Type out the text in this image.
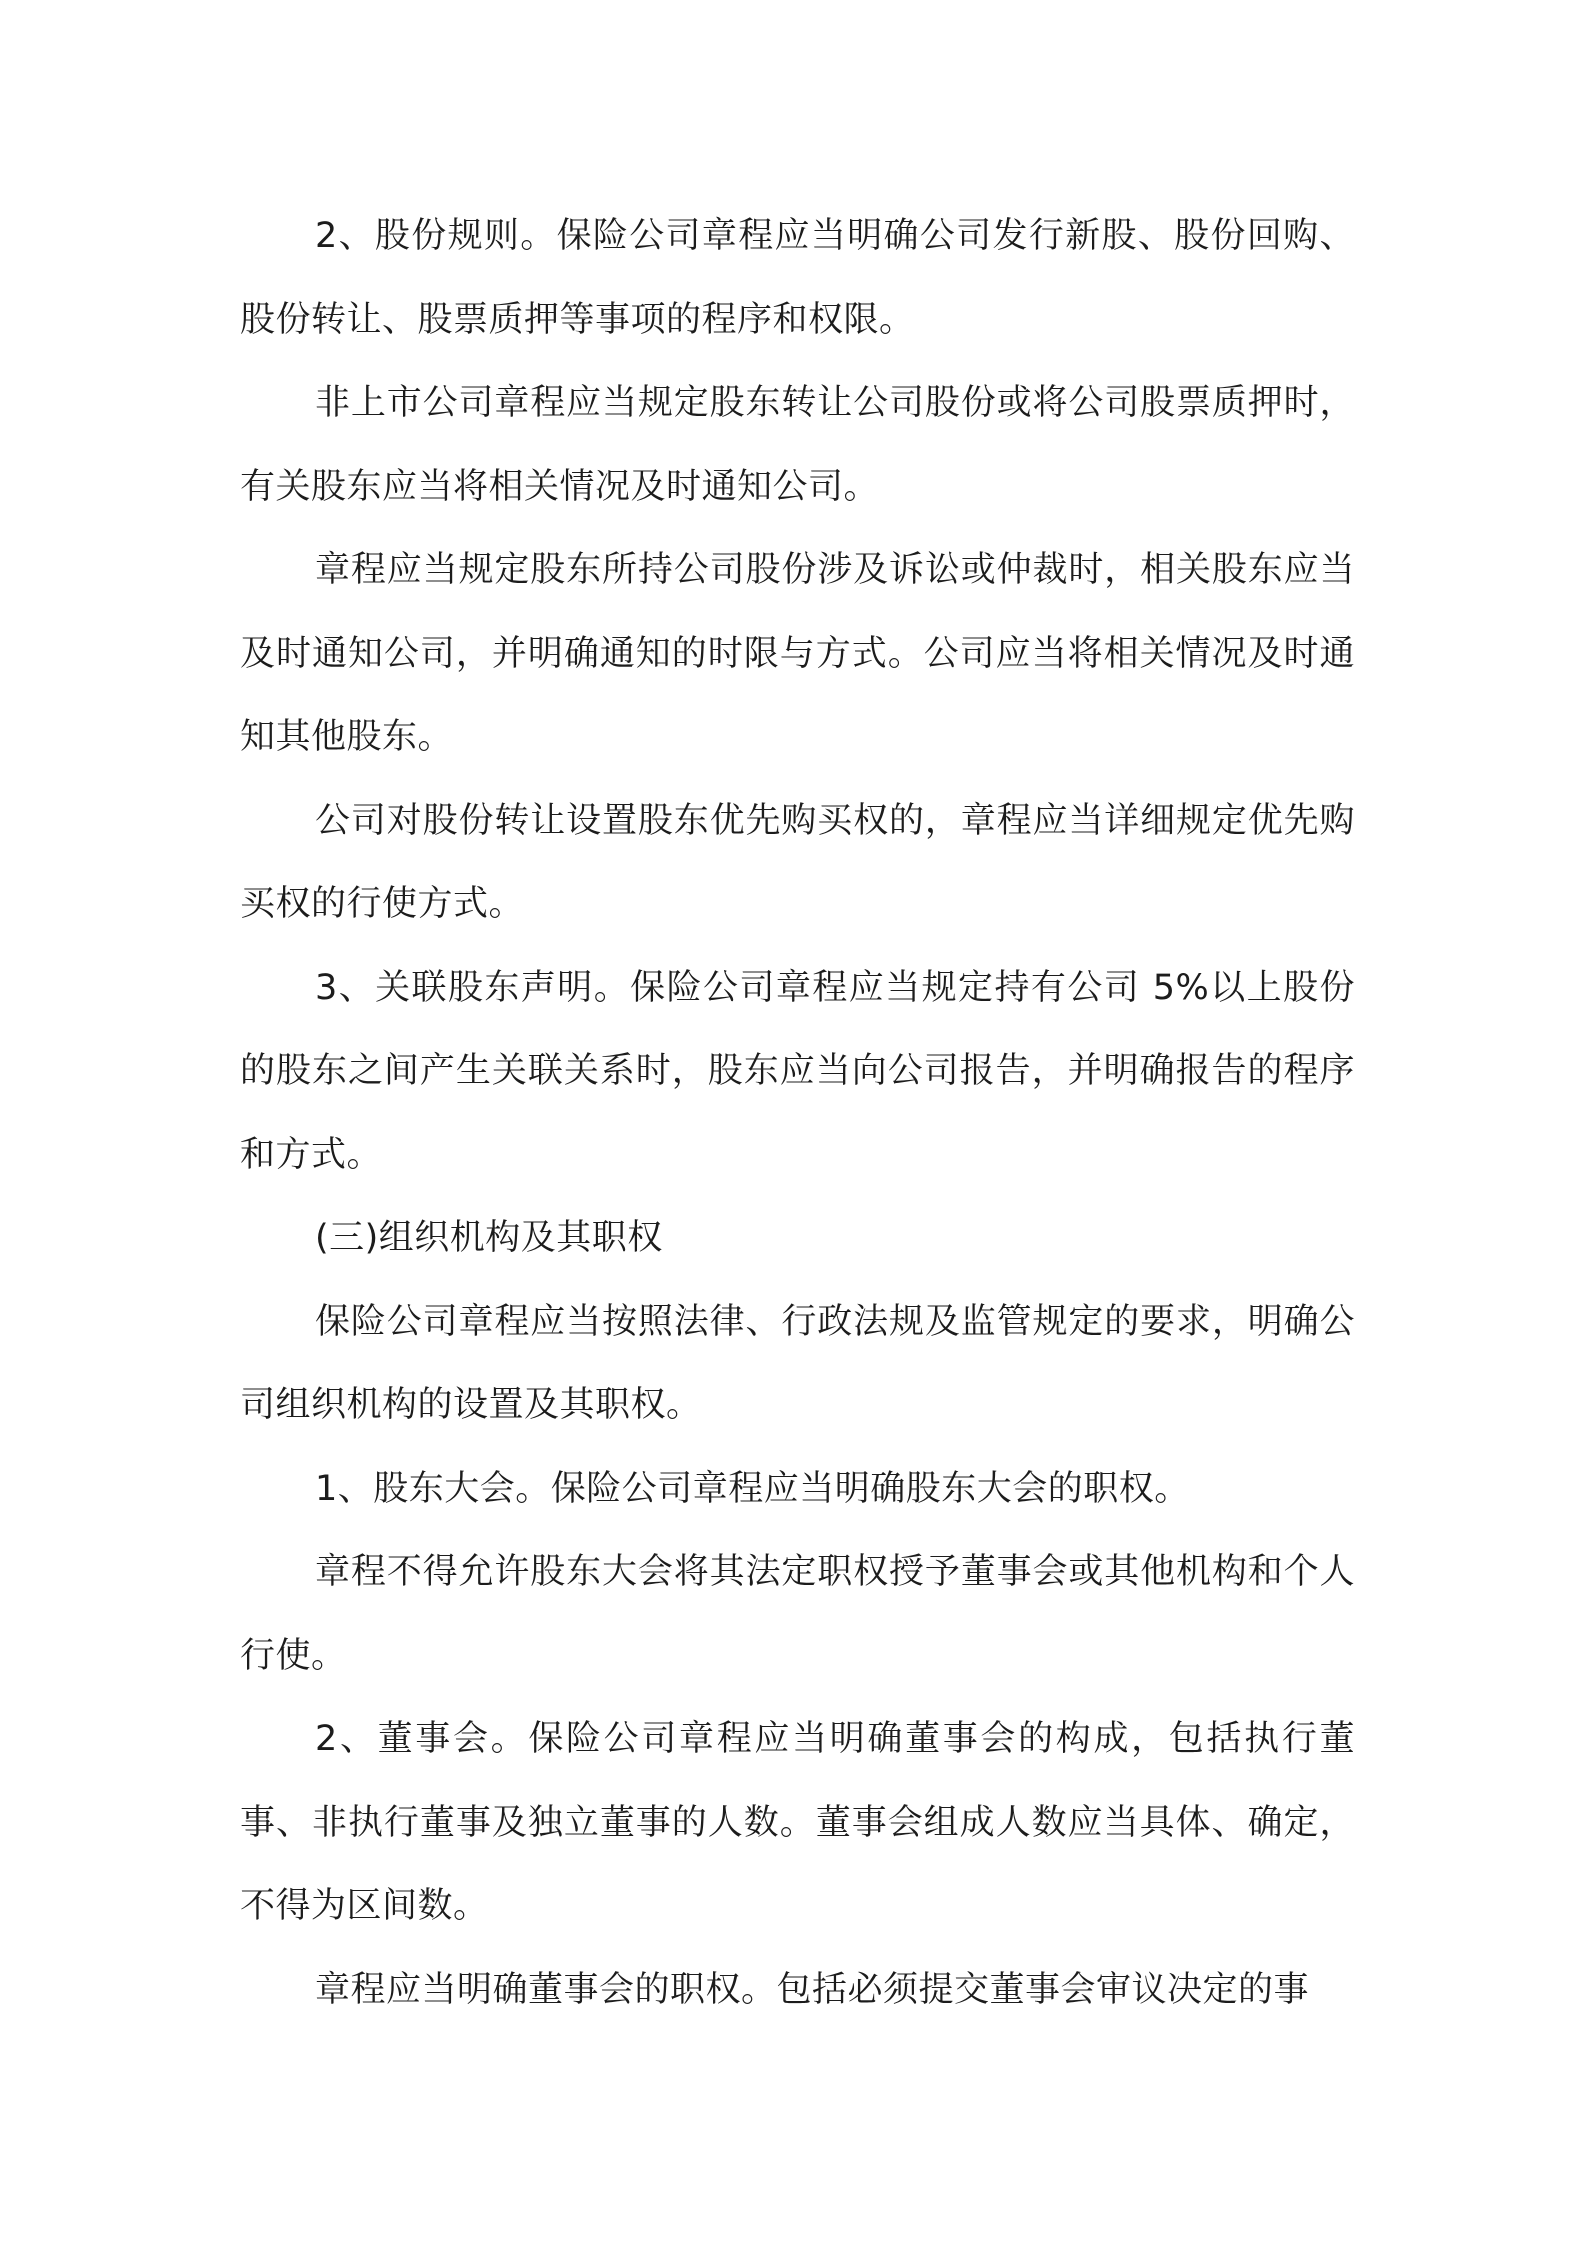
2、股份规则。保险公司章程应当明确公司发行新股、股份回购、股份转让、股票质押等事项的程序和权限。

非上市公司章程应当规定股东转让公司股份或将公司股票质押时，有关股东应当将相关情况及时通知公司。

章程应当规定股东所持公司股份涉及诉讼或仲裁时，相关股东应当及时通知公司，并明确通知的时限与方式。公司应当将相关情况及时通知其他股东。

公司对股份转让设置股东优先购买权的，章程应当详细规定优先购买权的行使方式。

3、关联股东声明。保险公司章程应当规定持有公司 5%以上股份的股东之间产生关联关系时，股东应当向公司报告，并明确报告的程序和方式。

(三)组织机构及其职权

保险公司章程应当按照法律、行政法规及监管规定的要求，明确公司组织机构的设置及其职权。

1、股东大会。保险公司章程应当明确股东大会的职权。

章程不得允许股东大会将其法定职权授予董事会或其他机构和个人行使。

2、董事会。保险公司章程应当明确董事会的构成，包括执行董事、非执行董事及独立董事的人数。董事会组成人数应当具体、确定，不得为区间数。

章程应当明确董事会的职权。包括必须提交董事会审议决定的事
